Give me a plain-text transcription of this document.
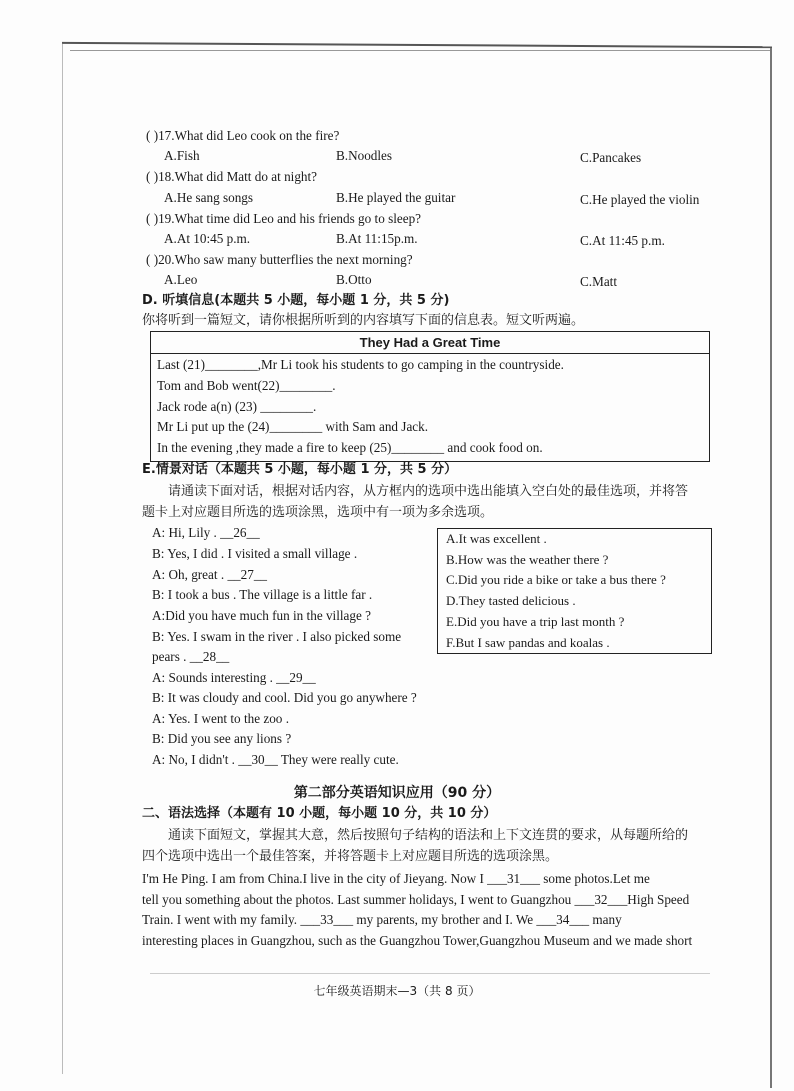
( )17.What did Leo cook on the fire?
A.Fish	B.Noodles	C.Pancakes
( )18.What did Matt do at night?
A.He sang songs	B.He played the guitar	C.He played the violin
( )19.What time did Leo and his friends go to sleep?
A.At 10:45 p.m.	B.At 11:15p.m.	C.At 11:45 p.m.
( )20.Who saw many butterflies the next morning?
A.Leo	B.Otto	C.Matt
D. 听填信息(本题共 5 小题，每小题 1 分，共 5 分)
你将听到一篇短文，请你根据所听到的内容填写下面的信息表。短文听两遍。
They Had a Great Time
Last (21)________,Mr Li took his students to go camping in the countryside.
Tom and Bob went(22)________.
Jack rode a(n) (23) ________.
Mr Li put up the (24)________ with Sam and Jack.
In the evening ,they made a fire to keep (25)________ and cook food on.
E.情景对话（本题共 5 小题，每小题 1 分，共 5 分）
请通读下面对话，根据对话内容，从方框内的选项中选出能填入空白处的最佳选项，并将答
题卡上对应题目所选的选项涂黑，选项中有一项为多余选项。
A: Hi, Lily . __26__
B: Yes, I did . I visited a small village .
A: Oh, great . __27__
B: I took a bus . The village is a little far .
A:Did you have much fun in the village ?
B: Yes. I swam in the river . I also picked some
pears . __28__
A: Sounds interesting . __29__
B: It was cloudy and cool. Did you go anywhere ?
A: Yes. I went to the zoo .
B: Did you see any lions ?
A: No, I didn't . __30__ They were really cute.
A.It was excellent .
B.How was the weather there ?
C.Did you ride a bike or take a bus there ?
D.They tasted delicious .
E.Did you have a trip last month ?
F.But I saw pandas and koalas .
第二部分英语知识应用（90 分）
二、语法选择（本题有 10 小题，每小题 10 分，共 10 分）
通读下面短文，掌握其大意，然后按照句子结构的语法和上下文连贯的要求，从每题所给的
四个选项中选出一个最佳答案，并将答题卡上对应题目所选的选项涂黑。
I'm He Ping. I am from China.I live in the city of Jieyang. Now I ___31___ some photos.Let me
tell you something about the photos. Last summer holidays, I went to Guangzhou ___32___High Speed
Train. I went with my family. ___33___ my parents, my brother and I. We ___34___ many
interesting places in Guangzhou, such as the Guangzhou Tower,Guangzhou Museum and we made short
七年级英语期末—3（共 8 页）
